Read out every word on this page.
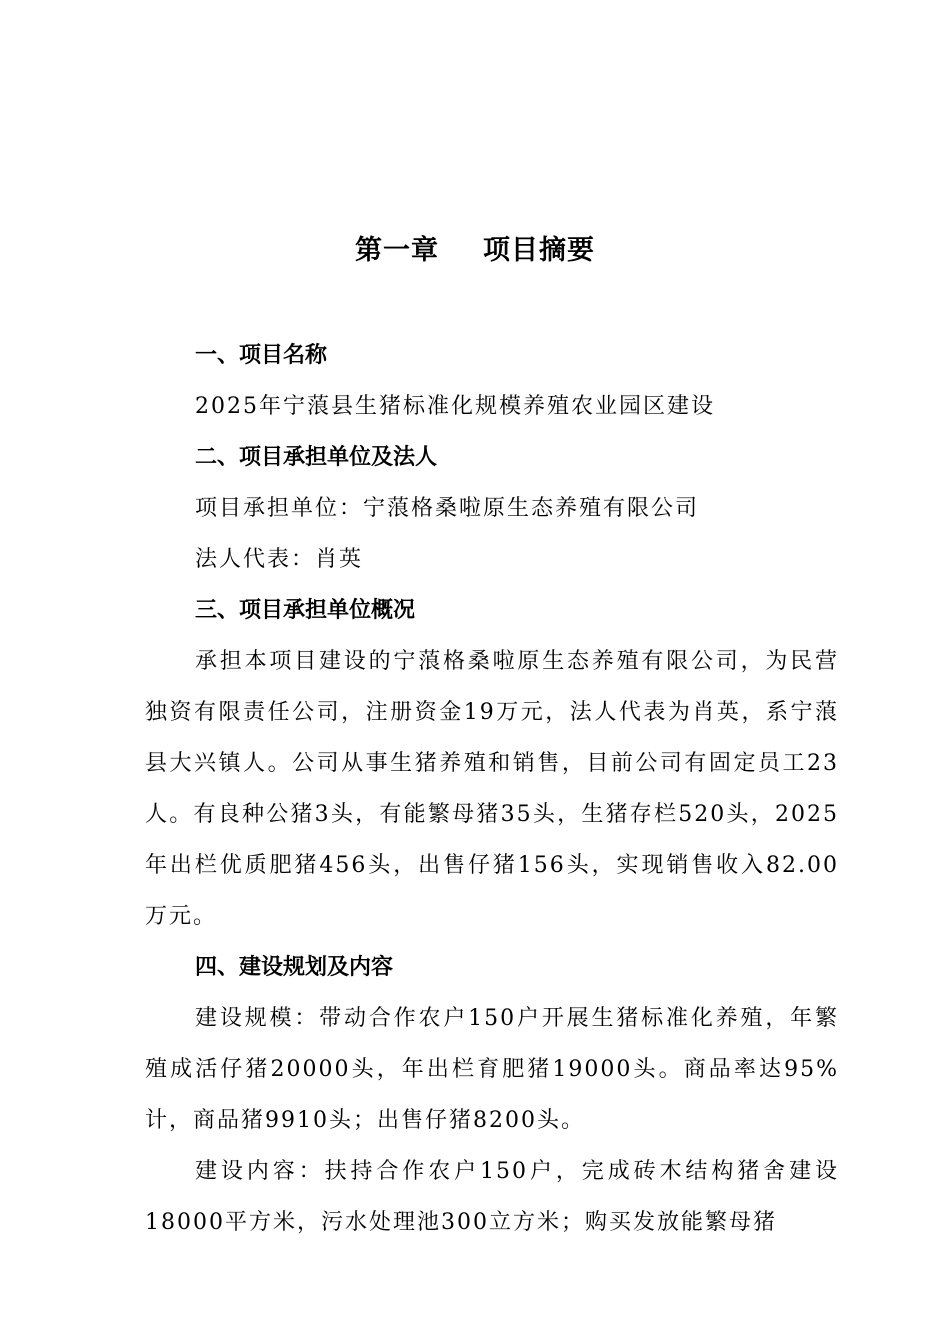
第一章 项目摘要
一、项目名称
2025年宁蒗县生猪标准化规模养殖农业园区建设
二、项目承担单位及法人
项目承担单位：宁蒗格桑啦原生态养殖有限公司
法人代表：肖英
三、项目承担单位概况

承担本项目建设的宁蒗格桑啦原生态养殖有限公司，为民营独资有限责任公司，注册资金19万元，法人代表为肖英，系宁蒗县大兴镇人。公司从事生猪养殖和销售，目前公司有固定员工23人。有良种公猪3头，有能繁母猪35头，生猪存栏520头，2025年出栏优质肥猪456头，出售仔猪156头，实现销售收入82.00万元。

四、建设规划及内容

建设规模：带动合作农户150户开展生猪标准化养殖，年繁殖成活仔猪20000头，年出栏育肥猪19000头。商品率达95%计，商品猪9910头；出售仔猪8200头。

建设内容：扶持合作农户150户，完成砖木结构猪舍建设18000平方米，污水处理池300立方米；购买发放能繁母猪
